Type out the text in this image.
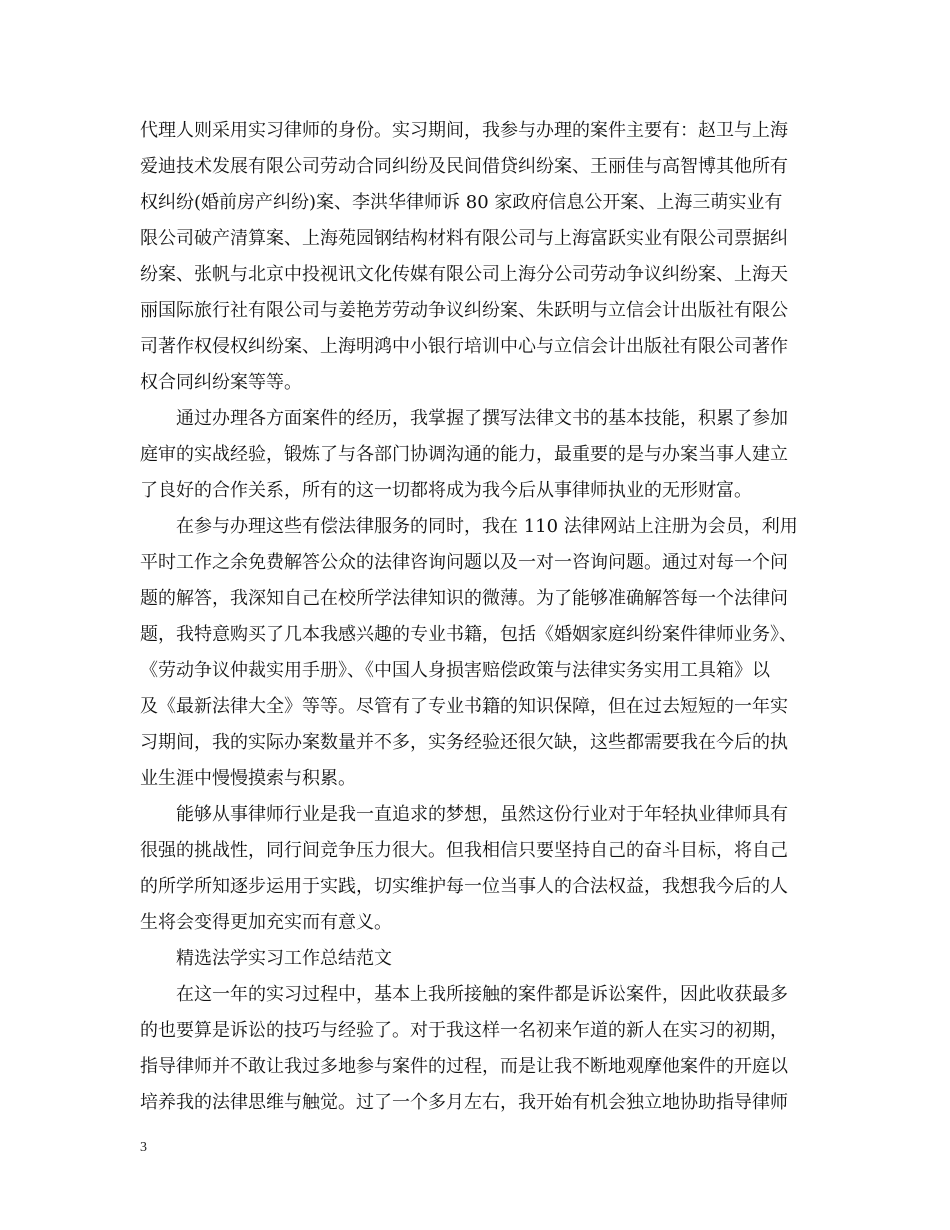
代理人则采用实习律师的身份。实习期间，我参与办理的案件主要有：赵卫与上海
爱迪技术发展有限公司劳动合同纠纷及民间借贷纠纷案、王丽佳与高智博其他所有
权纠纷(婚前房产纠纷)案、李洪华律师诉 80 家政府信息公开案、上海三萌实业有
限公司破产清算案、上海苑园钢结构材料有限公司与上海富跃实业有限公司票据纠
纷案、张帆与北京中投视讯文化传媒有限公司上海分公司劳动争议纠纷案、上海天
丽国际旅行社有限公司与姜艳芳劳动争议纠纷案、朱跃明与立信会计出版社有限公
司著作权侵权纠纷案、上海明鸿中小银行培训中心与立信会计出版社有限公司著作
权合同纠纷案等等。
通过办理各方面案件的经历，我掌握了撰写法律文书的基本技能，积累了参加
庭审的实战经验，锻炼了与各部门协调沟通的能力，最重要的是与办案当事人建立
了良好的合作关系，所有的这一切都将成为我今后从事律师执业的无形财富。
在参与办理这些有偿法律服务的同时，我在 110 法律网站上注册为会员，利用
平时工作之余免费解答公众的法律咨询问题以及一对一咨询问题。通过对每一个问
题的解答，我深知自己在校所学法律知识的微薄。为了能够准确解答每一个法律问
题，我特意购买了几本我感兴趣的专业书籍，包括《婚姻家庭纠纷案件律师业务》、
《劳动争议仲裁实用手册》、《中国人身损害赔偿政策与法律实务实用工具箱》以
及《最新法律大全》等等。尽管有了专业书籍的知识保障，但在过去短短的一年实
习期间，我的实际办案数量并不多，实务经验还很欠缺，这些都需要我在今后的执
业生涯中慢慢摸索与积累。
能够从事律师行业是我一直追求的梦想，虽然这份行业对于年轻执业律师具有
很强的挑战性，同行间竞争压力很大。但我相信只要坚持自己的奋斗目标，将自己
的所学所知逐步运用于实践，切实维护每一位当事人的合法权益，我想我今后的人
生将会变得更加充实而有意义。
精选法学实习工作总结范文
在这一年的实习过程中，基本上我所接触的案件都是诉讼案件，因此收获最多
的也要算是诉讼的技巧与经验了。对于我这样一名初来乍道的新人在实习的初期，
指导律师并不敢让我过多地参与案件的过程，而是让我不断地观摩他案件的开庭以
培养我的法律思维与触觉。过了一个多月左右，我开始有机会独立地协助指导律师
3
